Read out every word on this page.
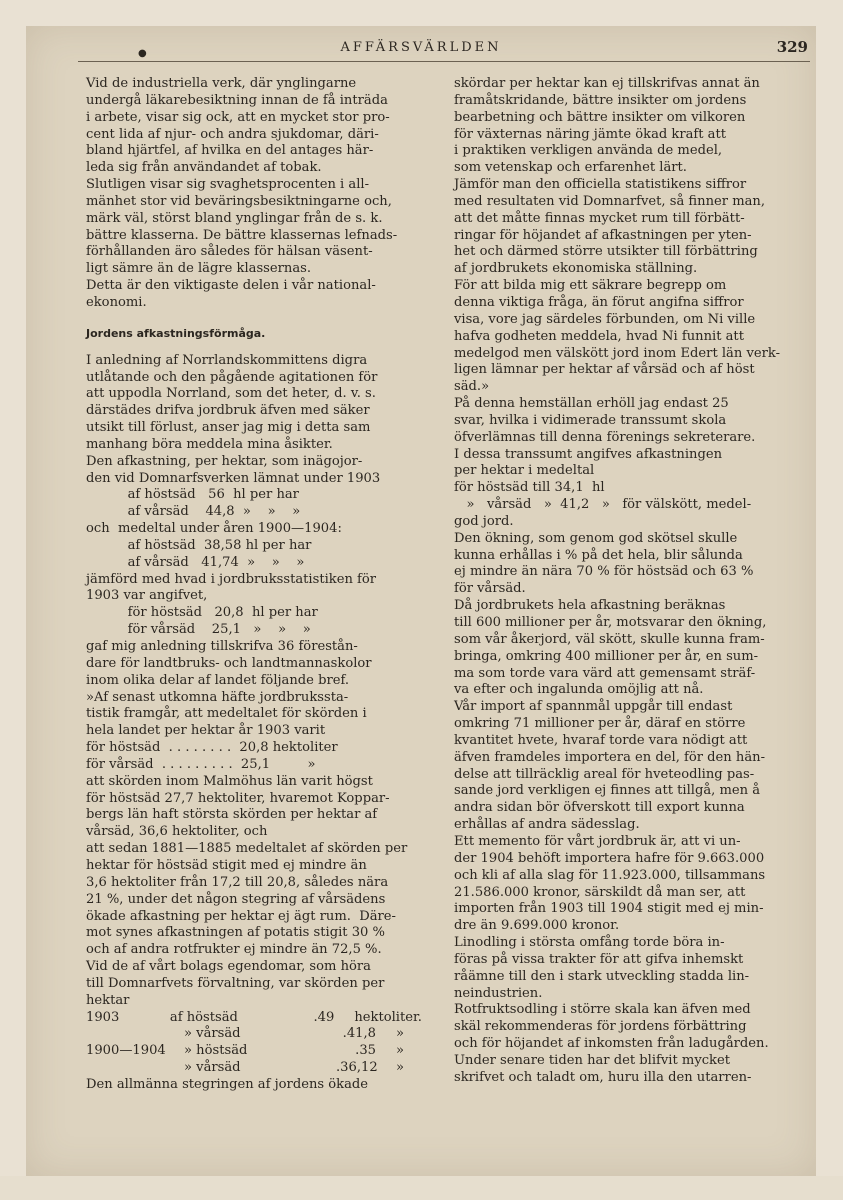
●	AFFÄRSVÄRLDEN	329
Vid de industriella verk, där ynglingarne
undergå läkarebesiktning innan de få inträda
i arbete, visar sig ock, att en mycket stor pro-
cent lida af njur- och andra sjukdomar, däri-
bland hjärtfel, af hvilka en del antages här-
leda sig från användandet af tobak.
Slutligen visar sig svaghetsprocenten i all-
mänhet stor vid beväringsbesiktningarne och,
märk väl, störst bland ynglingar från de s. k.
bättre klasserna. De bättre klassernas lefnads-
förhållanden äro således för hälsan väsent-
ligt sämre än de lägre klassernas.
Detta är den viktigaste delen i vår national-
ekonomi.
Jordens afkastningsförmåga.
I anledning af Norrlandskommittens digra
utlåtande och den pågående agitationen för
att uppodla Norrland, som det heter, d. v. s.
därstädes drifva jordbruk äfven med säker
utsikt till förlust, anser jag mig i detta sam
manhang böra meddela mina åsikter.
Den afkastning, per hektar, som inägojor-
den vid Domnarfsverken lämnat under 1903
af höstsäd   56  hl per har
af vårsäd    44,8  »    »    »
och  medeltal under åren 1900—1904:
af höstsäd  38,58 hl per har
af vårsäd   41,74  »    »    »
jämförd med hvad i jordbruksstatistiken för
1903 var angifvet,
för höstsäd   20,8  hl per har
för vårsäd    25,1   »    »    »
gaf mig anledning tillskrifva 36 förestån-
dare för landtbruks- och landtmannaskolor
inom olika delar af landet följande bref.
»Af senast utkomna häfte jordbrukssta-
tistik framgår, att medeltalet för skörden i
hela landet per hektar år 1903 varit
för höstsäd  . . . . . . . .  20,8 hektoliter
för vårsäd  . . . . . . . . .  25,1         »
att skörden inom Malmöhus län varit högst
för höstsäd 27,7 hektoliter, hvaremot Koppar-
bergs län haft största skörden per hektar af
vårsäd, 36,6 hektoliter, och
att sedan 1881—1885 medeltalet af skörden per
hektar för höstsäd stigit med ej mindre än
3,6 hektoliter från 17,2 till 20,8, således nära
21 %, under det någon stegring af vårsädens
ökade afkastning per hektar ej ägt rum.  Däre-
mot synes afkastningen af potatis stigit 30 %
och af andra rotfrukter ej mindre än 72,5 %.
Vid de af vårt bolags egendomar, som höra
till Domnarfvets förvaltning, var skörden per
hektar
1903	af höstsäd	.49	hektoliter.
» vårsäd	.41,8	»
1900—1904	» höstsäd	.35	»
» vårsäd	.36,12	»
Den allmänna stegringen af jordens ökade
skördar per hektar kan ej tillskrifvas annat än
framåtskridande, bättre insikter om jordens
bearbetning och bättre insikter om vilkoren
för växternas näring jämte ökad kraft att
i praktiken verkligen använda de medel,
som vetenskap och erfarenhet lärt.
Jämför man den officiella statistikens siffror
med resultaten vid Domnarfvet, så finner man,
att det måtte finnas mycket rum till förbätt-
ringar för höjandet af afkastningen per yten-
het och därmed större utsikter till förbättring
af jordbrukets ekonomiska ställning.
För att bilda mig ett säkrare begrepp om
denna viktiga fråga, än förut angifna siffror
visa, vore jag särdeles förbunden, om Ni ville
hafva godheten meddela, hvad Ni funnit att
medelgod men välskött jord inom Edert län verk-
ligen lämnar per hektar af vårsäd och af höst
säd.»
På denna hemställan erhöll jag endast 25
svar, hvilka i vidimerade transsumt skola
öfverlämnas till denna förenings sekreterare.
I dessa transsumt angifves afkastningen
per hektar i medeltal
för höstsäd till 34,1  hl
»   vårsäd   »  41,2   »   för välskött, medel-
god jord.
Den ökning, som genom god skötsel skulle
kunna erhållas i % på det hela, blir sålunda
ej mindre än nära 70 % för höstsäd och 63 %
för vårsäd.
Då jordbrukets hela afkastning beräknas
till 600 millioner per år, motsvarar den ökning,
som vår åkerjord, väl skött, skulle kunna fram-
bringa, omkring 400 millioner per år, en sum-
ma som torde vara värd att gemensamt sträf-
va efter och ingalunda omöjlig att nå.
Vår import af spannmål uppgår till endast
omkring 71 millioner per år, däraf en större
kvantitet hvete, hvaraf torde vara nödigt att
äfven framdeles importera en del, för den hän-
delse att tillräcklig areal för hveteodling pas-
sande jord verkligen ej finnes att tillgå, men å
andra sidan bör öfverskott till export kunna
erhållas af andra sädesslag.
Ett memento för vårt jordbruk är, att vi un-
der 1904 behöft importera hafre för 9.663.000
och kli af alla slag för 11.923.000, tillsammans
21.586.000 kronor, särskildt då man ser, att
importen från 1903 till 1904 stigit med ej min-
dre än 9.699.000 kronor.
Linodling i största omfång torde böra in-
föras på vissa trakter för att gifva inhemskt
råämne till den i stark utveckling stadda lin-
neindustrien.
Rotfruktsodling i större skala kan äfven med
skäl rekommenderas för jordens förbättring
och för höjandet af inkomsten från ladugården.
Under senare tiden har det blifvit mycket
skrifvet och taladt om, huru illa den utarren-
